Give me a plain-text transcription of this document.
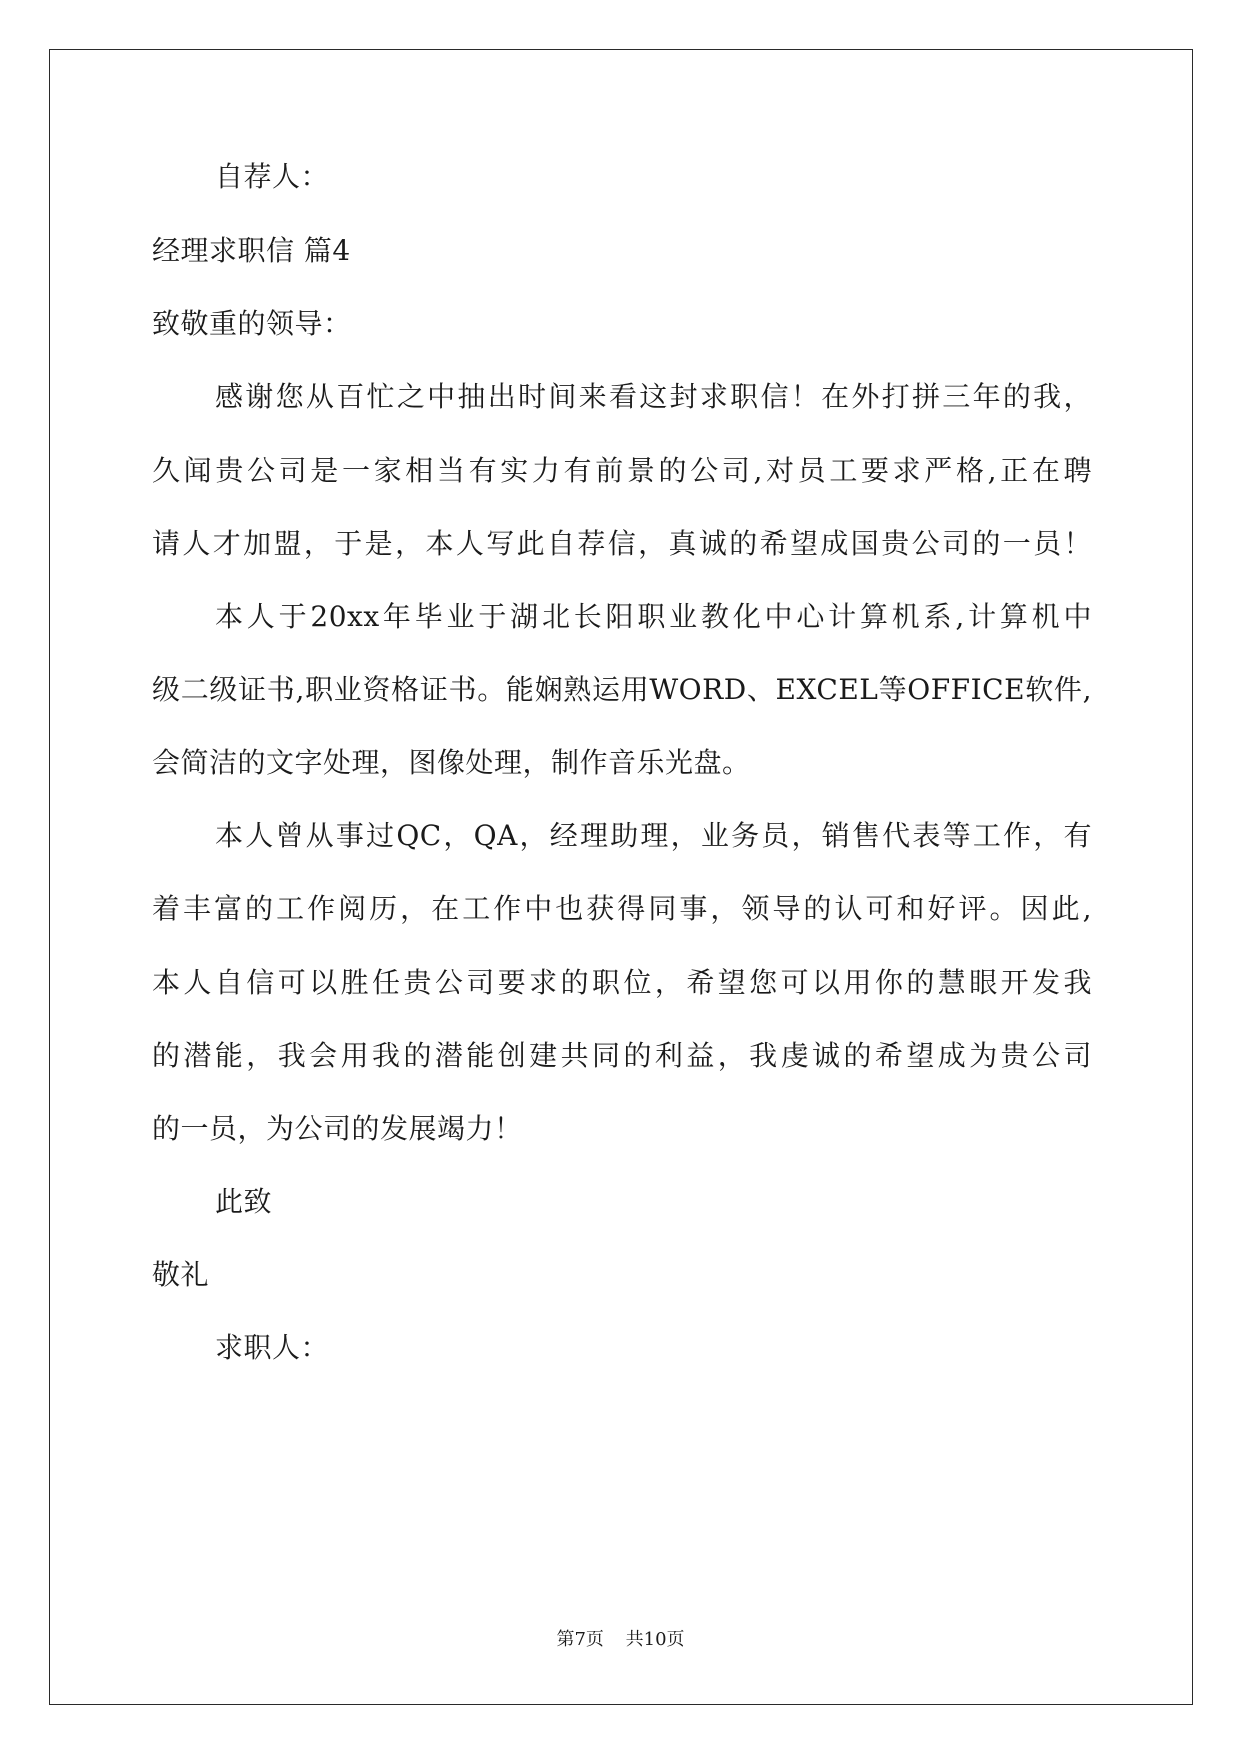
自荐人：
经理求职信 篇4
致敬重的领导：
感谢您从百忙之中抽出时间来看这封求职信！在外打拼三年的我，
久闻贵公司是一家相当有实力有前景的公司,对员工要求严格,正在聘
请人才加盟，于是，本人写此自荐信，真诚的希望成国贵公司的一员！
本人于20xx年毕业于湖北长阳职业教化中心计算机系,计算机中
级二级证书,职业资格证书。能娴熟运用WORD、EXCEL等OFFICE软件,
会简洁的文字处理，图像处理，制作音乐光盘。
本人曾从事过QC，QA，经理助理，业务员，销售代表等工作，有
着丰富的工作阅历，在工作中也获得同事，领导的认可和好评。因此,
本人自信可以胜任贵公司要求的职位，希望您可以用你的慧眼开发我
的潜能，我会用我的潜能创建共同的利益，我虔诚的希望成为贵公司
的一员，为公司的发展竭力！
此致
敬礼
求职人：
第7页 共10页
